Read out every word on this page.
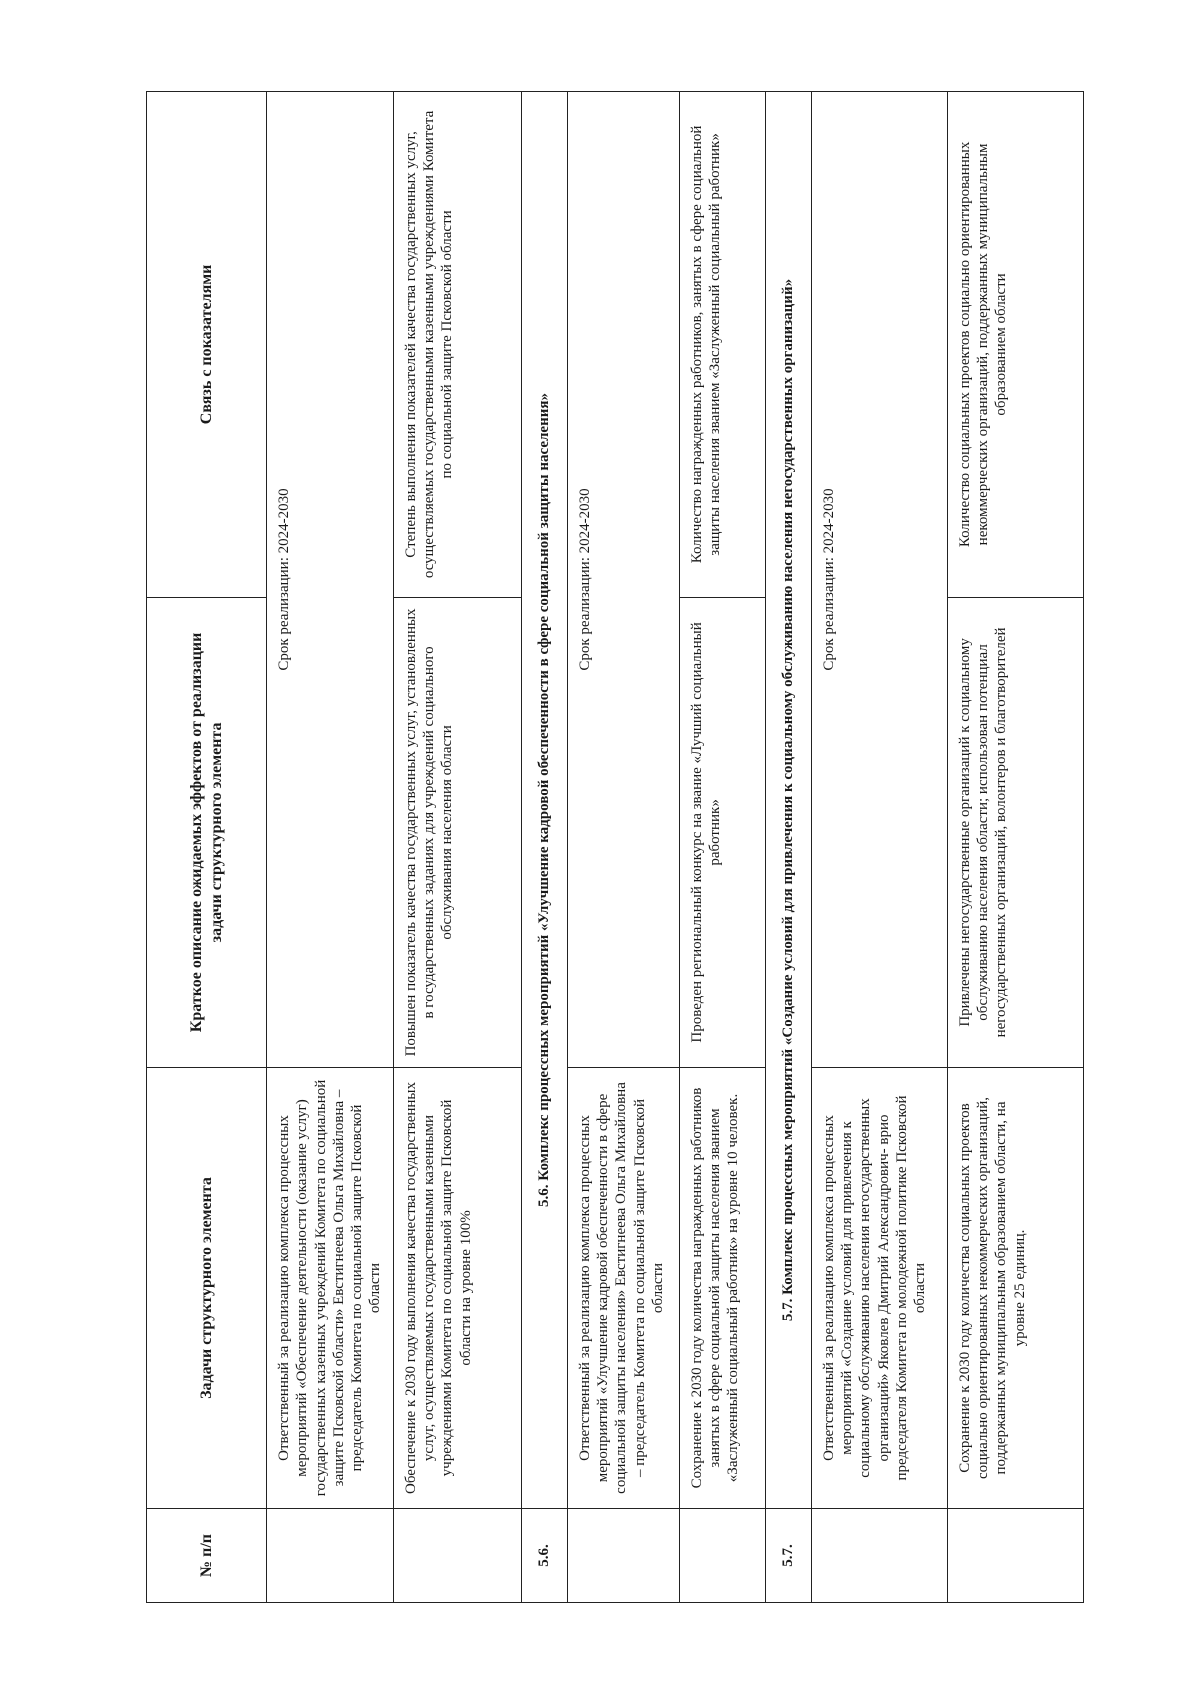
№ п/п	Задачи структурного элемента	Краткое описание ожидаемых эффектов от реализации задачи структурного элемента	Связь с показателями
	Ответственный за реализацию комплекса процессных мероприятий «Обеспечение деятельности (оказание услуг) государственных казенных учреждений Комитета по социальной защите Псковской области» Евстигнеева Ольга Михайловна – председатель Комитета по социальной защите Псковской области	Срок реализации: 2024-2030	
	Обеспечение к 2030 году выполнения качества государственных услуг, осуществляемых государственными казенными учреждениями Комитета по социальной защите Псковской области на уровне 100%	Повышен показатель качества государственных услуг, установленных в государственных заданиях для учреждений социального обслуживания населения области	Степень выполнения показателей качества государственных услуг, осуществляемых государственными казенными учреждениями Комитета по социальной защите Псковской области
5.6.	5.6. Комплекс процессных мероприятий «Улучшение кадровой обеспеченности в сфере социальной защиты населения»		
	Ответственный за реализацию комплекса процессных мероприятий «Улучшение кадровой обеспеченности в сфере социальной защиты населения» Евстигнеева Ольга Михайловна – председатель Комитета по социальной защите Псковской области	Срок реализации: 2024-2030	
	Сохранение к 2030 году количества награжденных работников занятых в сфере социальной защиты населения званием «Заслуженный социальный работник» на уровне 10 человек.	Проведен региональный конкурс на звание «Лучший социальный работник»	Количество награжденных работников, занятых в сфере социальной защиты населения званием «Заслуженный социальный работник»
5.7.	5.7. Комплекс процессных мероприятий «Создание условий для привлечения к социальному обслуживанию населения негосударственных организаций»		
	Ответственный за реализацию комплекса процессных мероприятий «Создание условий для привлечения к социальному обслуживанию населения негосударственных организаций» Яковлев Дмитрий Александрович- врио председателя Комитета по молодежной политике Псковской области	Срок реализации: 2024-2030	
	Сохранение к 2030 году количества социальных проектов социально ориентированных некоммерческих организаций, поддержанных муниципальным образованием области, на уровне 25 единиц.	Привлечены негосударственные организаций к социальному обслуживанию населения области; использован потенциал негосударственных организаций, волонтеров и благотворителей	Количество социальных проектов социально ориентированных некоммерческих организаций, поддержанных муниципальным образованием области
